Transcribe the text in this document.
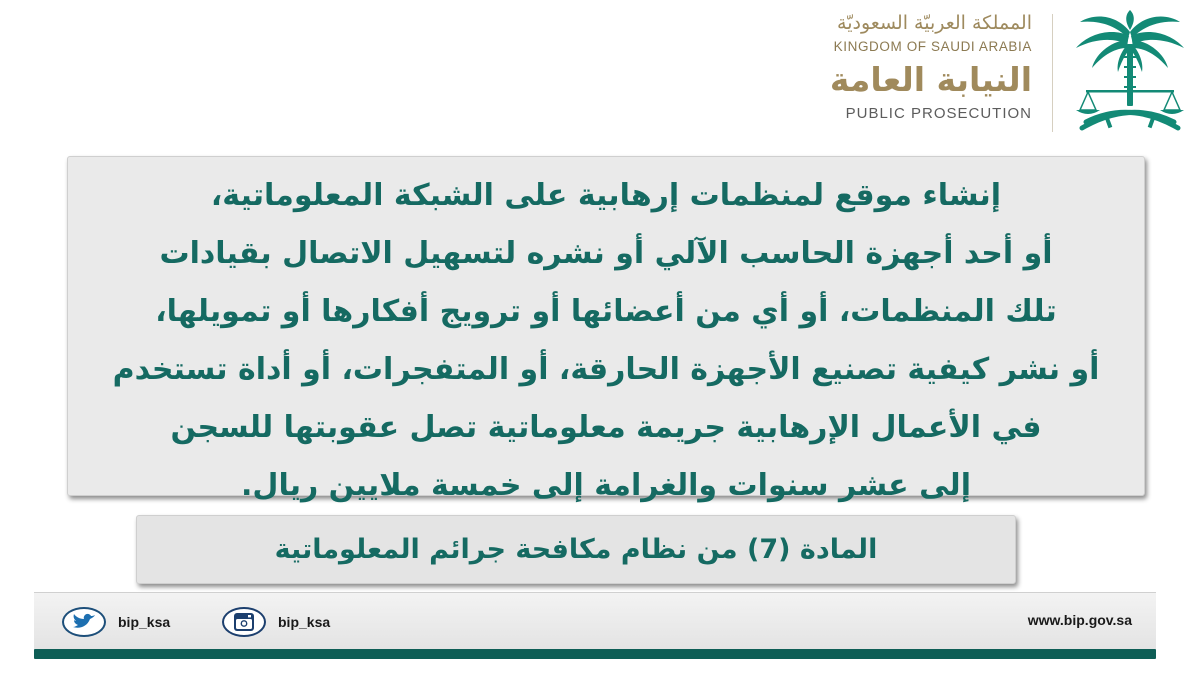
المملكة العربيّة السعوديّة
KINGDOM OF SAUDI ARABIA
النيابة العامة
PUBLIC PROSECUTION

إنشاء موقع لمنظمات إرهابية على الشبكة المعلوماتية،
أو أحد أجهزة الحاسب الآلي أو نشره لتسهيل الاتصال بقيادات
تلك المنظمات، أو أي من أعضائها أو ترويج أفكارها أو تمويلها،
أو نشر كيفية تصنيع الأجهزة الحارقة، أو المتفجرات، أو أداة تستخدم
في الأعمال الإرهابية جريمة معلوماتية تصل عقوبتها للسجن
إلى عشر سنوات والغرامة إلى خمسة ملايين ريال.

المادة (7) من نظام مكافحة جرائم المعلوماتية
bip_ksa	bip_ksa	www.bip.gov.sa
